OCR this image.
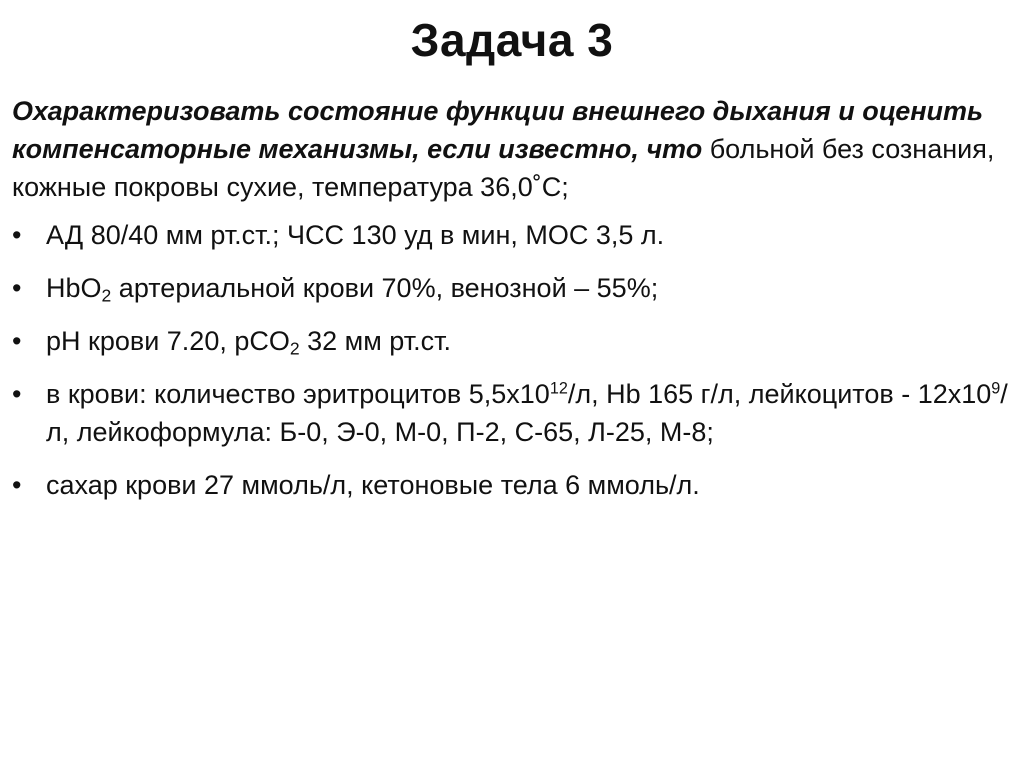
Задача 3

Охарактеризовать состояние функции внешнего дыхания и оценить компенсаторные механизмы, если известно, что больной без сознания, кожные покровы сухие, температура 36,0˚С;

• АД 80/40 мм рт.ст.; ЧСС 130 уд в мин, МОС 3,5 л.
• HbO$_2$ артериальной крови 70%, венозной – 55%;
• pH крови 7.20, pCO$_2$ 32 мм рт.ст.
• в крови: количество эритроцитов $5,5х10^{12}/л$, Hb 165 г/л, лейкоцитов - $12х10^9/л$, лейкоформула: Б-0, Э-0, М-0, П-2, С-65, Л-25, М-8;
• сахар крови 27 ммоль/л, кетоновые тела 6 ммоль/л.
